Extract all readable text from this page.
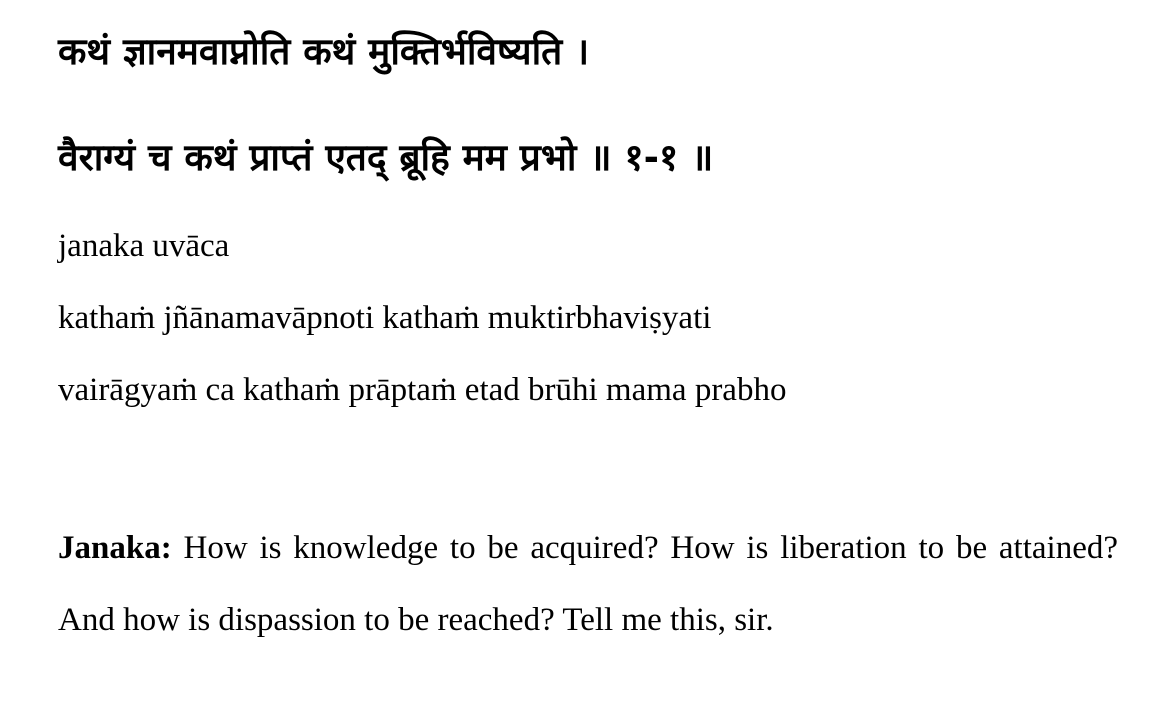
कथं ज्ञानमवाप्नोति कथं मुक्तिर्भविष्यति ।
वैराग्यं च कथं प्राप्तं एतद् ब्रूहि मम प्रभो ॥ १-१ ॥
janaka uvāca
kathaṁ jñānamavāpnoti kathaṁ muktirbhaviṣyati
vairāgyaṁ ca kathaṁ prāptaṁ etad brūhi mama prabho
Janaka: How is knowledge to be acquired? How is liberation to be attained? And how is dispassion to be reached? Tell me this, sir.
